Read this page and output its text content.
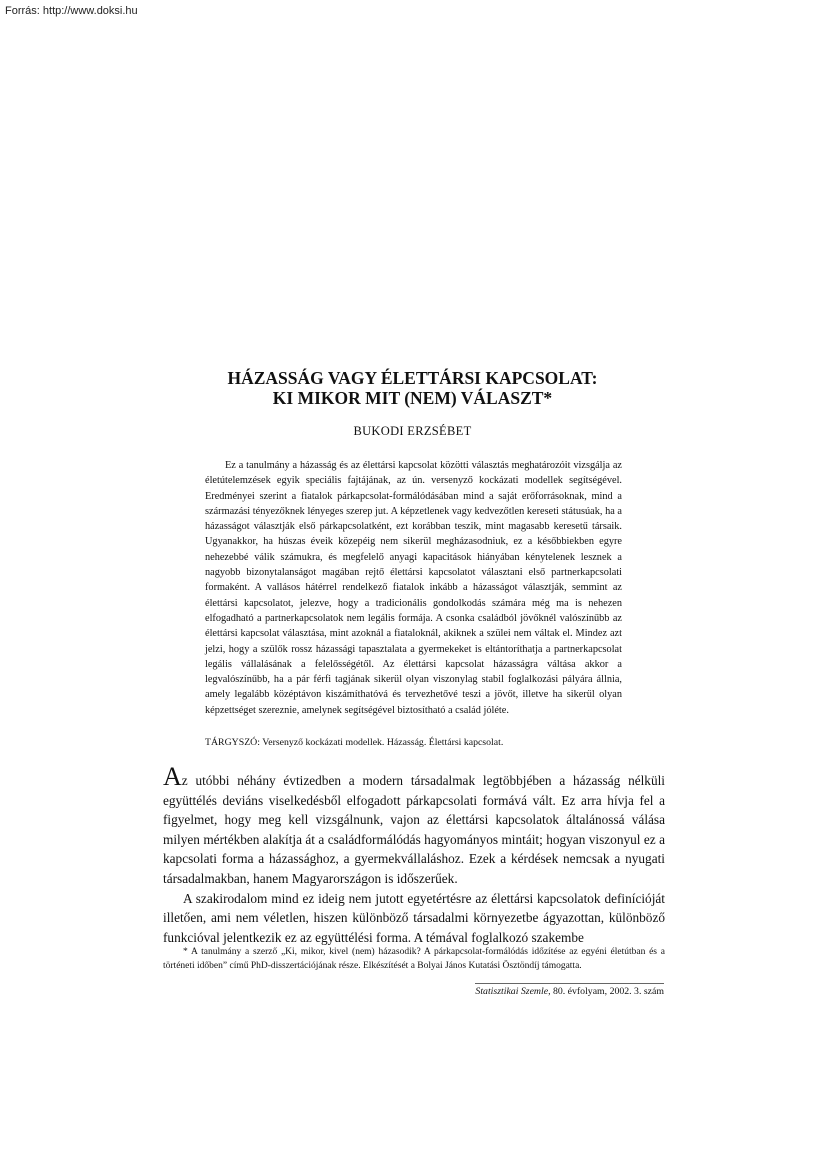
Forrás: http://www.doksi.hu
HÁZASSÁG VAGY ÉLETTÁRSI KAPCSOLAT:
KI MIKOR MIT (NEM) VÁLASZT*
BUKODI ERZSÉBET

Ez a tanulmány a házasság és az élettársi kapcsolat közötti választás meghatározóit vizsgálja az életútelemzések egyik speciális fajtájának, az ún. versenyző kockázati modellek segítségével. Eredményei szerint a fiatalok párkapcsolat-formálódásában mind a saját erőforrásoknak, mind a származási tényezőknek lényeges szerep jut. A képzetlenek vagy kedvezőtlen kereseti státusúak, ha a házasságot választják első párkapcsolatként, ezt korábban teszik, mint magasabb keresetű társaik. Ugyanakkor, ha húszas éveik közepéig nem sikerül megházasodniuk, ez a későbbiekben egyre nehezebbé válik számukra, és megfelelő anyagi kapacitások hiányában kénytelenek lesznek a nagyobb bizonytalanságot magában rejtő élettársi kapcsolatot választani első partnerkapcsolati formaként. A vallásos hátérrel rendelkező fiatalok inkább a házasságot választják, semmint az élettársi kapcsolatot, jelezve, hogy a tradicionális gondolkodás számára még ma is nehezen elfogadható a partnerkapcsolatok nem legális formája. A csonka családból jövőknél valószínűbb az élettársi kapcsolat választása, mint azoknál a fiataloknál, akiknek a szülei nem váltak el. Mindez azt jelzi, hogy a szülők rossz házassági tapasztalata a gyermekeket is eltántoríthatja a partnerkapcsolat legális vállalásának a felelősségétől. Az élettársi kapcsolat házasságra váltása akkor a legvalószínűbb, ha a pár férfi tagjának sikerül olyan viszonylag stabil foglalkozási pályára állnia, amely legalább középtávon kiszámíthatóvá és tervezhetővé teszi a jövőt, illetve ha sikerül olyan képzettséget szereznie, amelynek segítségével biztosítható a család jóléte.

TÁRGYSZÓ: Versenyző kockázati modellek. Házasság. Élettársi kapcsolat.

Az utóbbi néhány évtizedben a modern társadalmak legtöbbjében a házasság nélküli együttélés deviáns viselkedésből elfogadott párkapcsolati formává vált. Ez arra hívja fel a figyelmet, hogy meg kell vizsgálnunk, vajon az élettársi kapcsolatok általánossá válása milyen mértékben alakítja át a családformálódás hagyományos mintáit; hogyan viszonyul ez a kapcsolati forma a házassághoz, a gyermekvállaláshoz. Ezek a kérdések nemcsak a nyugati társadalmakban, hanem Magyarországon is időszerűek.

A szakirodalom mind ez ideig nem jutott egyetértésre az élettársi kapcsolatok definícióját illetően, ami nem véletlen, hiszen különböző társadalmi környezetbe ágyazottan, különböző funkcióval jelentkezik ez az együttélési forma. A témával foglalkozó szakembe

* A tanulmány a szerző „Ki, mikor, kivel (nem) házasodik? A párkapcsolat-formálódás időzítése az egyéni életútban és a történeti időben” című PhD-disszertációjának része. Elkészítését a Bolyai János Kutatási Ösztöndíj támogatta.

Statisztikai Szemle, 80. évfolyam, 2002. 3. szám
